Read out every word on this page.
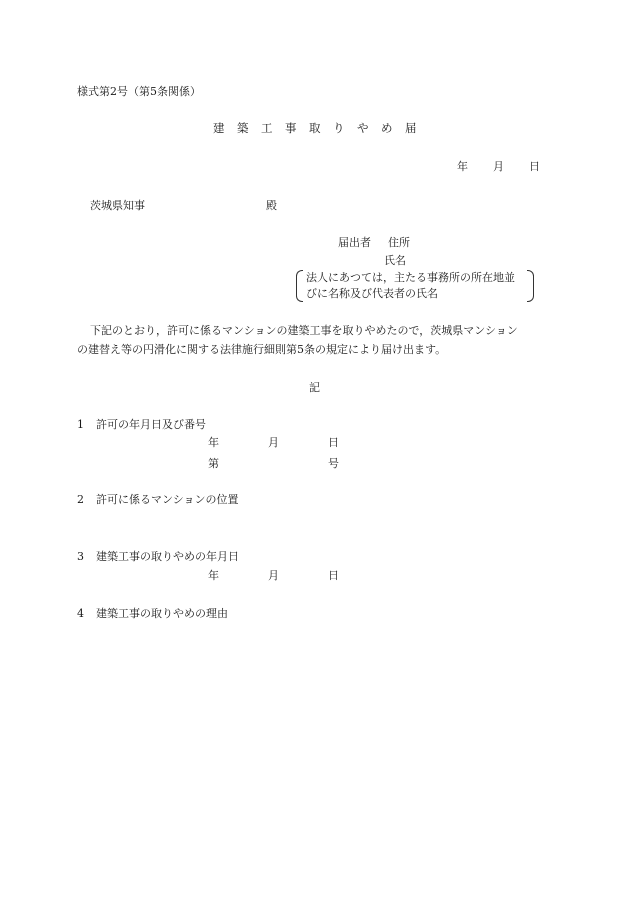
様式第2号（第5条関係）
建築工事取りやめ届
年 月 日
茨城県知事	殿
届出者 住所
氏名
法人にあつては，主たる事務所の所在地並
びに名称及び代表者の氏名
下記のとおり，許可に係るマンションの建築工事を取りやめたので，茨城県マンション
の建替え等の円滑化に関する法律施行細則第5条の規定により届け出ます。
記
1 許可の年月日及び番号
年	月	日
第	号
2 許可に係るマンションの位置
3 建築工事の取りやめの年月日
年	月	日
4 建築工事の取りやめの理由
